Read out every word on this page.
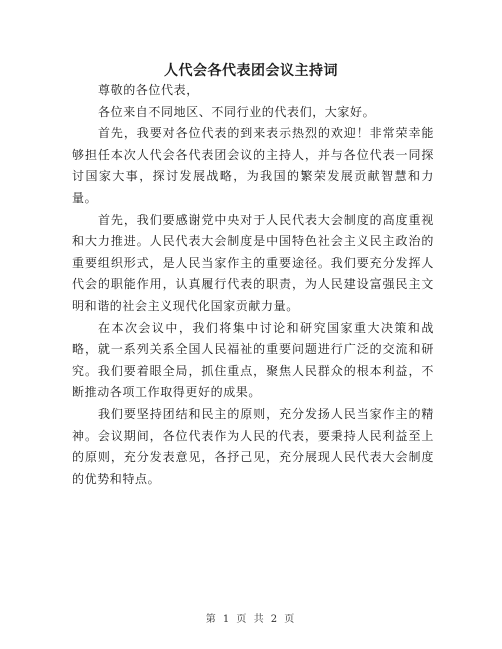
人代会各代表团会议主持词

尊敬的各位代表，

各位来自不同地区、不同行业的代表们，大家好。

首先，我要对各位代表的到来表示热烈的欢迎！非常荣幸能够担任本次人代会各代表团会议的主持人，并与各位代表一同探讨国家大事，探讨发展战略，为我国的繁荣发展贡献智慧和力量。

首先，我们要感谢党中央对于人民代表大会制度的高度重视和大力推进。人民代表大会制度是中国特色社会主义民主政治的重要组织形式，是人民当家作主的重要途径。我们要充分发挥人代会的职能作用，认真履行代表的职责，为人民建设富强民主文明和谐的社会主义现代化国家贡献力量。

在本次会议中，我们将集中讨论和研究国家重大决策和战略，就一系列关系全国人民福祉的重要问题进行广泛的交流和研究。我们要着眼全局，抓住重点，聚焦人民群众的根本利益，不断推动各项工作取得更好的成果。

我们要坚持团结和民主的原则，充分发扬人民当家作主的精神。会议期间，各位代表作为人民的代表，要秉持人民利益至上的原则，充分发表意见，各抒己见，充分展现人民代表大会制度的优势和特点。

第 1 页 共 2 页
